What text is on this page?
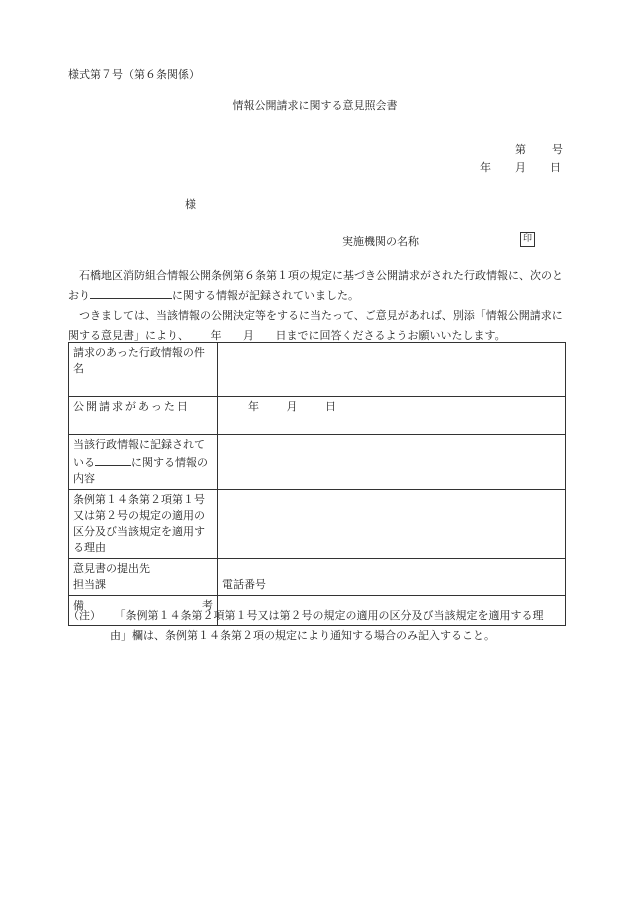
様式第７号（第６条関係）
情報公開請求に関する意見照会書
第 号
年 月 日
様
実施機関の名称	印

石橋地区消防組合情報公開条例第６条第１項の規定に基づき公開請求がされた行政情報に、次のとおり	に関する情報が記録されていました。

つきましては、当該情報の公開決定等をするに当たって、ご意見があれば、別添「情報公開請求に関する意見書」により、 年 月 日までに回答くださるようお願いいたします。

請求のあった行政情報の件名	

公開請求があった日	年 月 日
当該行政情報に記録されている に関する情報の内容	
条例第１４条第２項第１号又は第２号の規定の適用の区分及び当該規定を適用する理由	

意見書の提出先
担当課	電話番号

備 考	

（注） 「条例第１４条第２項第１号又は第２号の規定の適用の区分及び当該規定を適用する理
由」欄は、条例第１４条第２項の規定により通知する場合のみ記入すること。
